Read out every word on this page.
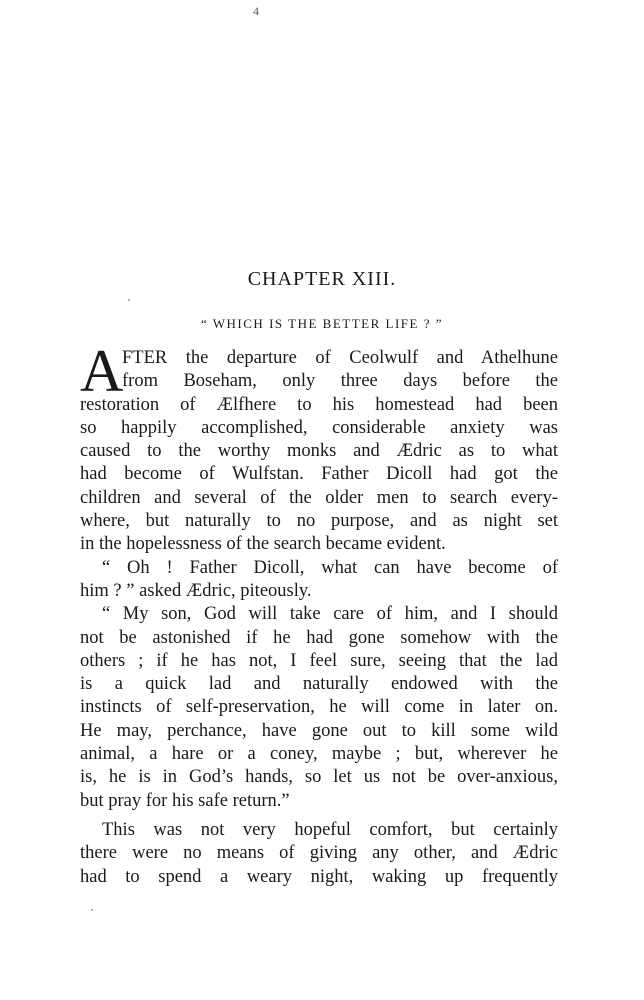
4
CHAPTER XIII.
“ WHICH IS THE BETTER LIFE ? ”
A
FTER the departure of Ceolwulf and Athelhune
from Boseham, only three days before the
restoration of Ælfhere to his homestead had been
so happily accomplished, considerable anxiety was
caused to the worthy monks and Ædric as to what
had become of Wulfstan. Father Dicoll had got the
children and several of the older men to search every-
where, but naturally to no purpose, and as night set
in the hopelessness of the search became evident.
“ Oh ! Father Dicoll, what can have become of
him ? ” asked Ædric, piteously.
“ My son, God will take care of him, and I should
not be astonished if he had gone somehow with the
others ; if he has not, I feel sure, seeing that the lad
is a quick lad and naturally endowed with the
instincts of self-preservation, he will come in later on.
He may, perchance, have gone out to kill some wild
animal, a hare or a coney, maybe ; but, wherever he
is, he is in God’s hands, so let us not be over-anxious,
but pray for his safe return.”
This was not very hopeful comfort, but certainly
there were no means of giving any other, and Ædric
had to spend a weary night, waking up frequently
